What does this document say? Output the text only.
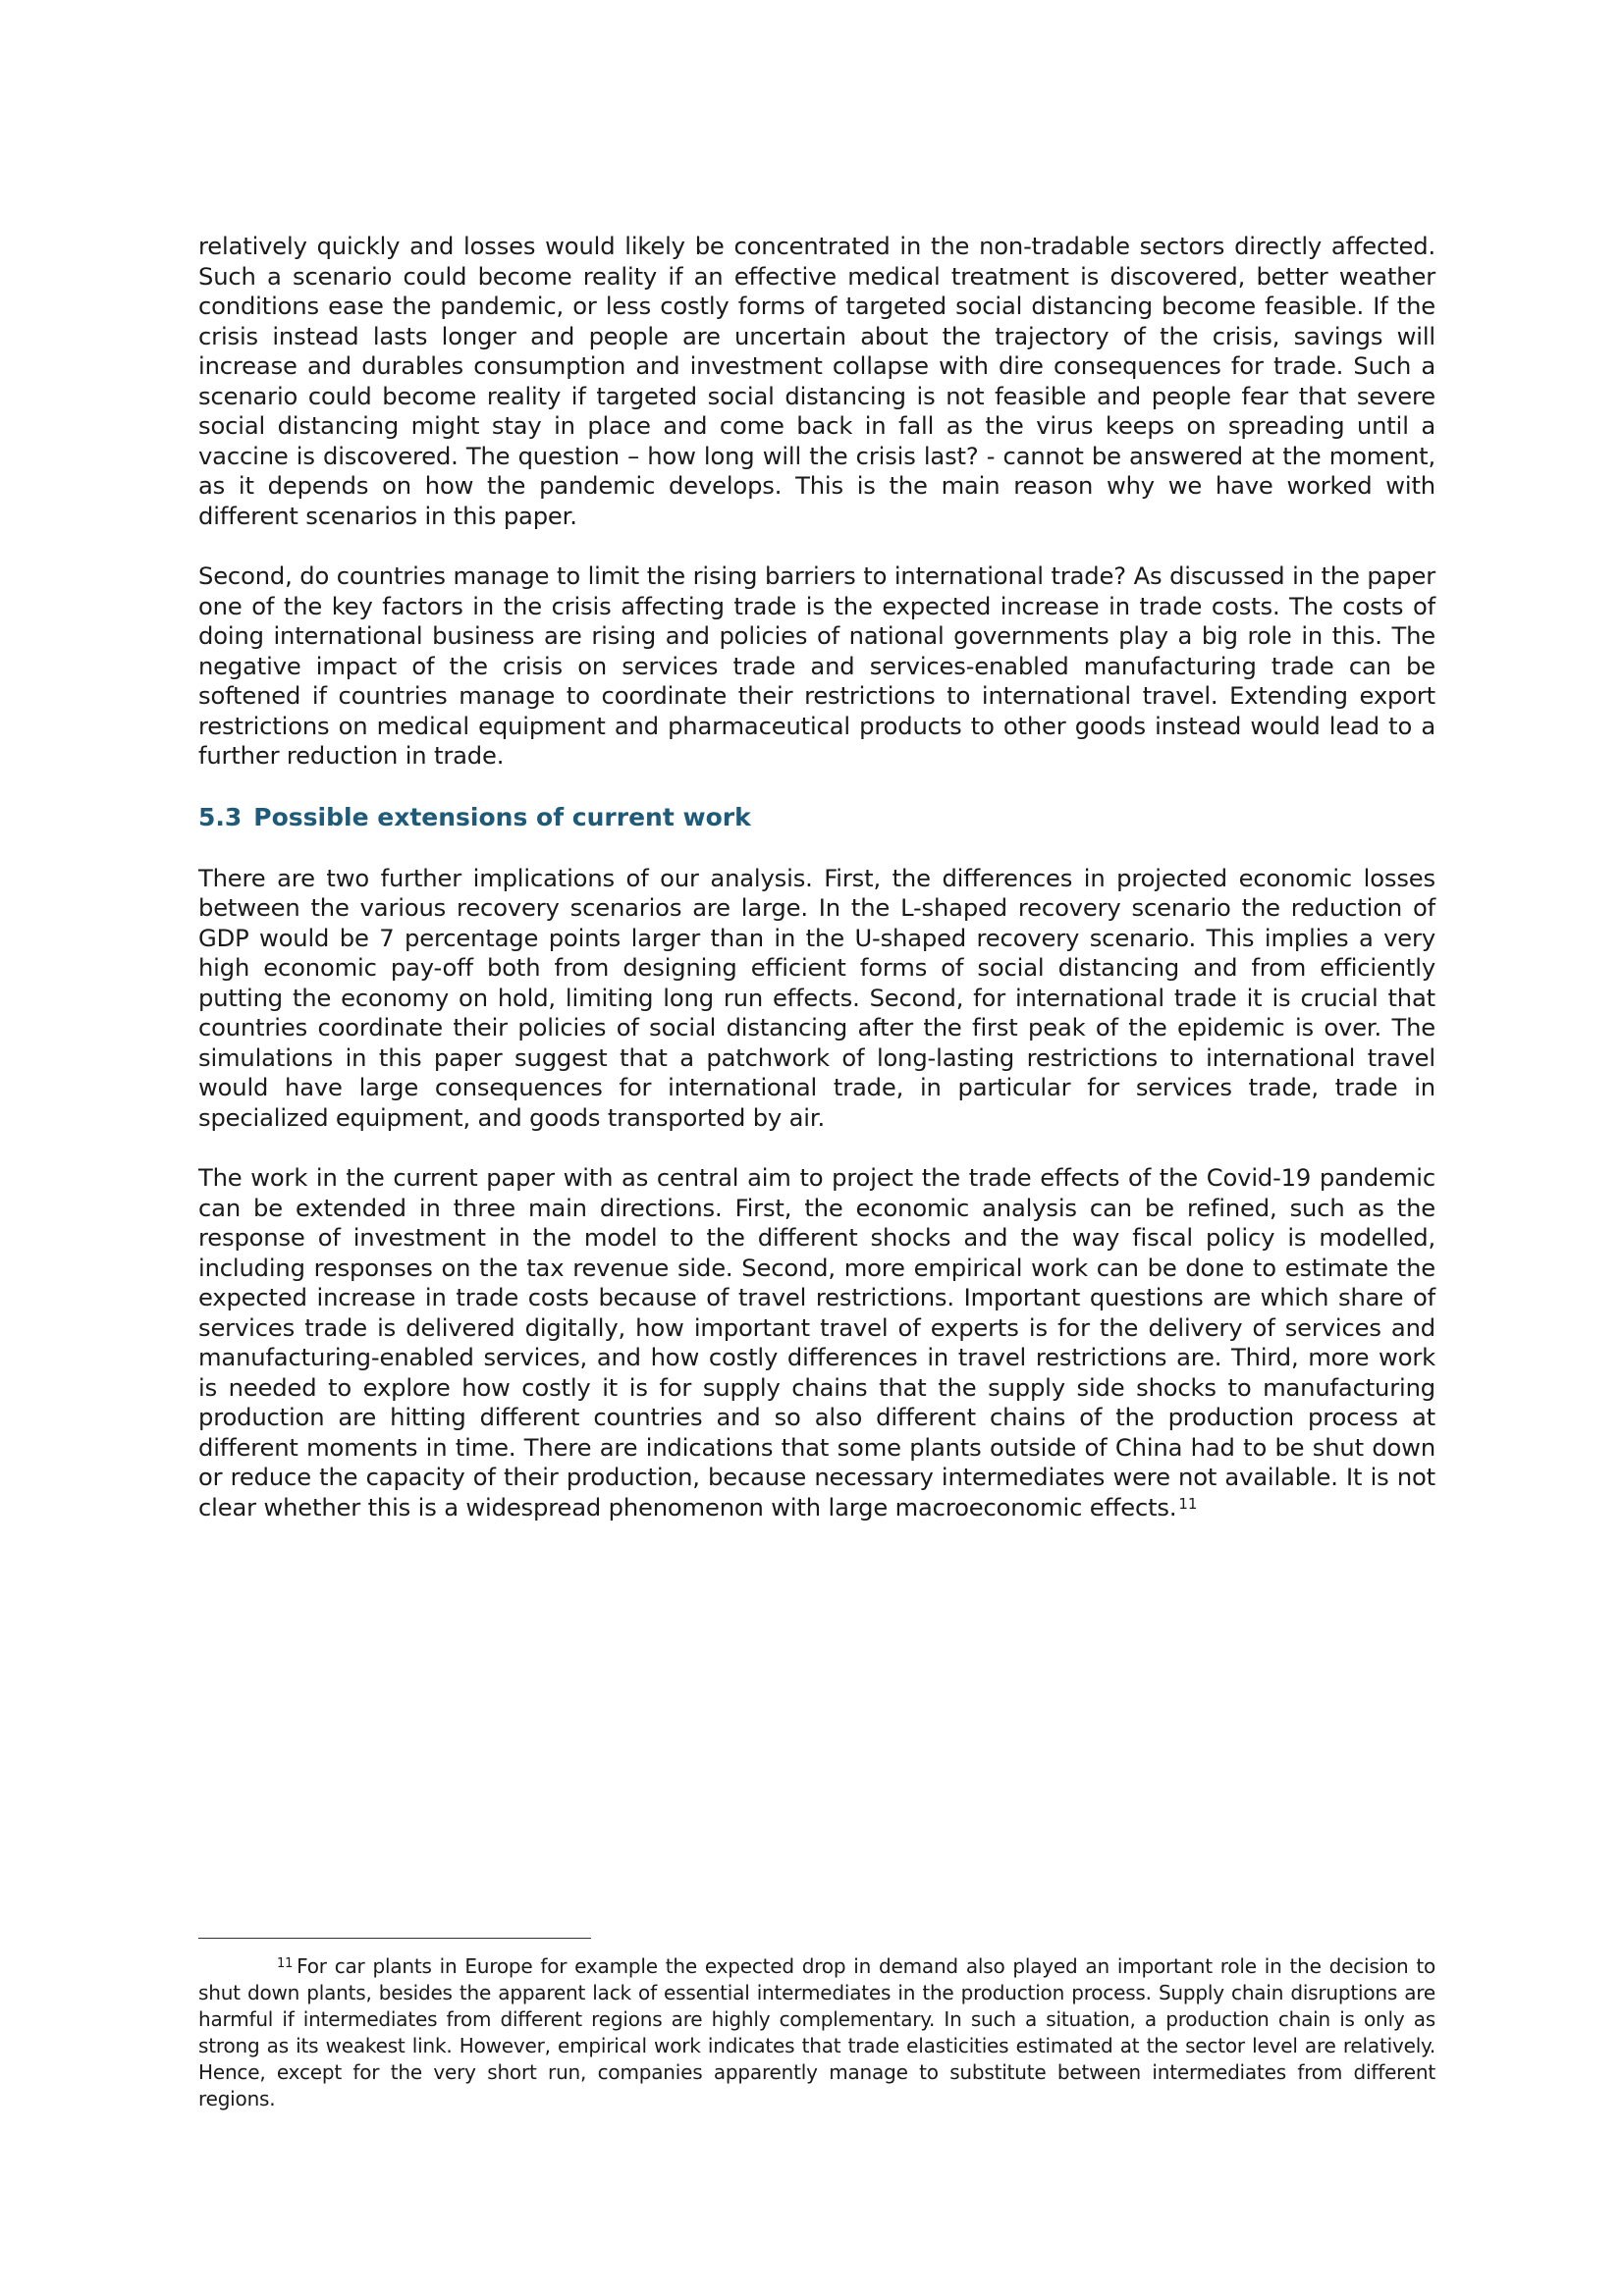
relatively quickly and losses would likely be concentrated in the non-tradable sectors directly affected. Such a scenario could become reality if an effective medical treatment is discovered, better weather conditions ease the pandemic, or less costly forms of targeted social distancing become feasible. If the crisis instead lasts longer and people are uncertain about the trajectory of the crisis, savings will increase and durables consumption and investment collapse with dire consequences for trade. Such a scenario could become reality if targeted social distancing is not feasible and people fear that severe social distancing might stay in place and come back in fall as the virus keeps on spreading until a vaccine is discovered. The question – how long will the crisis last? - cannot be answered at the moment, as it depends on how the pandemic develops. This is the main reason why we have worked with different scenarios in this paper.

Second, do countries manage to limit the rising barriers to international trade? As discussed in the paper one of the key factors in the crisis affecting trade is the expected increase in trade costs. The costs of doing international business are rising and policies of national governments play a big role in this. The negative impact of the crisis on services trade and services-enabled manufacturing trade can be softened if countries manage to coordinate their restrictions to international travel. Extending export restrictions on medical equipment and pharmaceutical products to other goods instead would lead to a further reduction in trade.

5.3 Possible extensions of current work

There are two further implications of our analysis. First, the differences in projected economic losses between the various recovery scenarios are large. In the L-shaped recovery scenario the reduction of GDP would be 7 percentage points larger than in the U-shaped recovery scenario. This implies a very high economic pay-off both from designing efficient forms of social distancing and from efficiently putting the economy on hold, limiting long run effects. Second, for international trade it is crucial that countries coordinate their policies of social distancing after the first peak of the epidemic is over. The simulations in this paper suggest that a patchwork of long-lasting restrictions to international travel would have large consequences for international trade, in particular for services trade, trade in specialized equipment, and goods transported by air.

The work in the current paper with as central aim to project the trade effects of the Covid-19 pandemic can be extended in three main directions. First, the economic analysis can be refined, such as the response of investment in the model to the different shocks and the way fiscal policy is modelled, including responses on the tax revenue side. Second, more empirical work can be done to estimate the expected increase in trade costs because of travel restrictions. Important questions are which share of services trade is delivered digitally, how important travel of experts is for the delivery of services and manufacturing-enabled services, and how costly differences in travel restrictions are. Third, more work is needed to explore how costly it is for supply chains that the supply side shocks to manufacturing production are hitting different countries and so also different chains of the production process at different moments in time. There are indications that some plants outside of China had to be shut down or reduce the capacity of their production, because necessary intermediates were not available. It is not clear whether this is a widespread phenomenon with large macroeconomic effects. $^{11}$

$^{11}$ For car plants in Europe for example the expected drop in demand also played an important role in the decision to shut down plants, besides the apparent lack of essential intermediates in the production process. Supply chain disruptions are harmful if intermediates from different regions are highly complementary. In such a situation, a production chain is only as strong as its weakest link. However, empirical work indicates that trade elasticities estimated at the sector level are relatively. Hence, except for the very short run, companies apparently manage to substitute between intermediates from different regions.
